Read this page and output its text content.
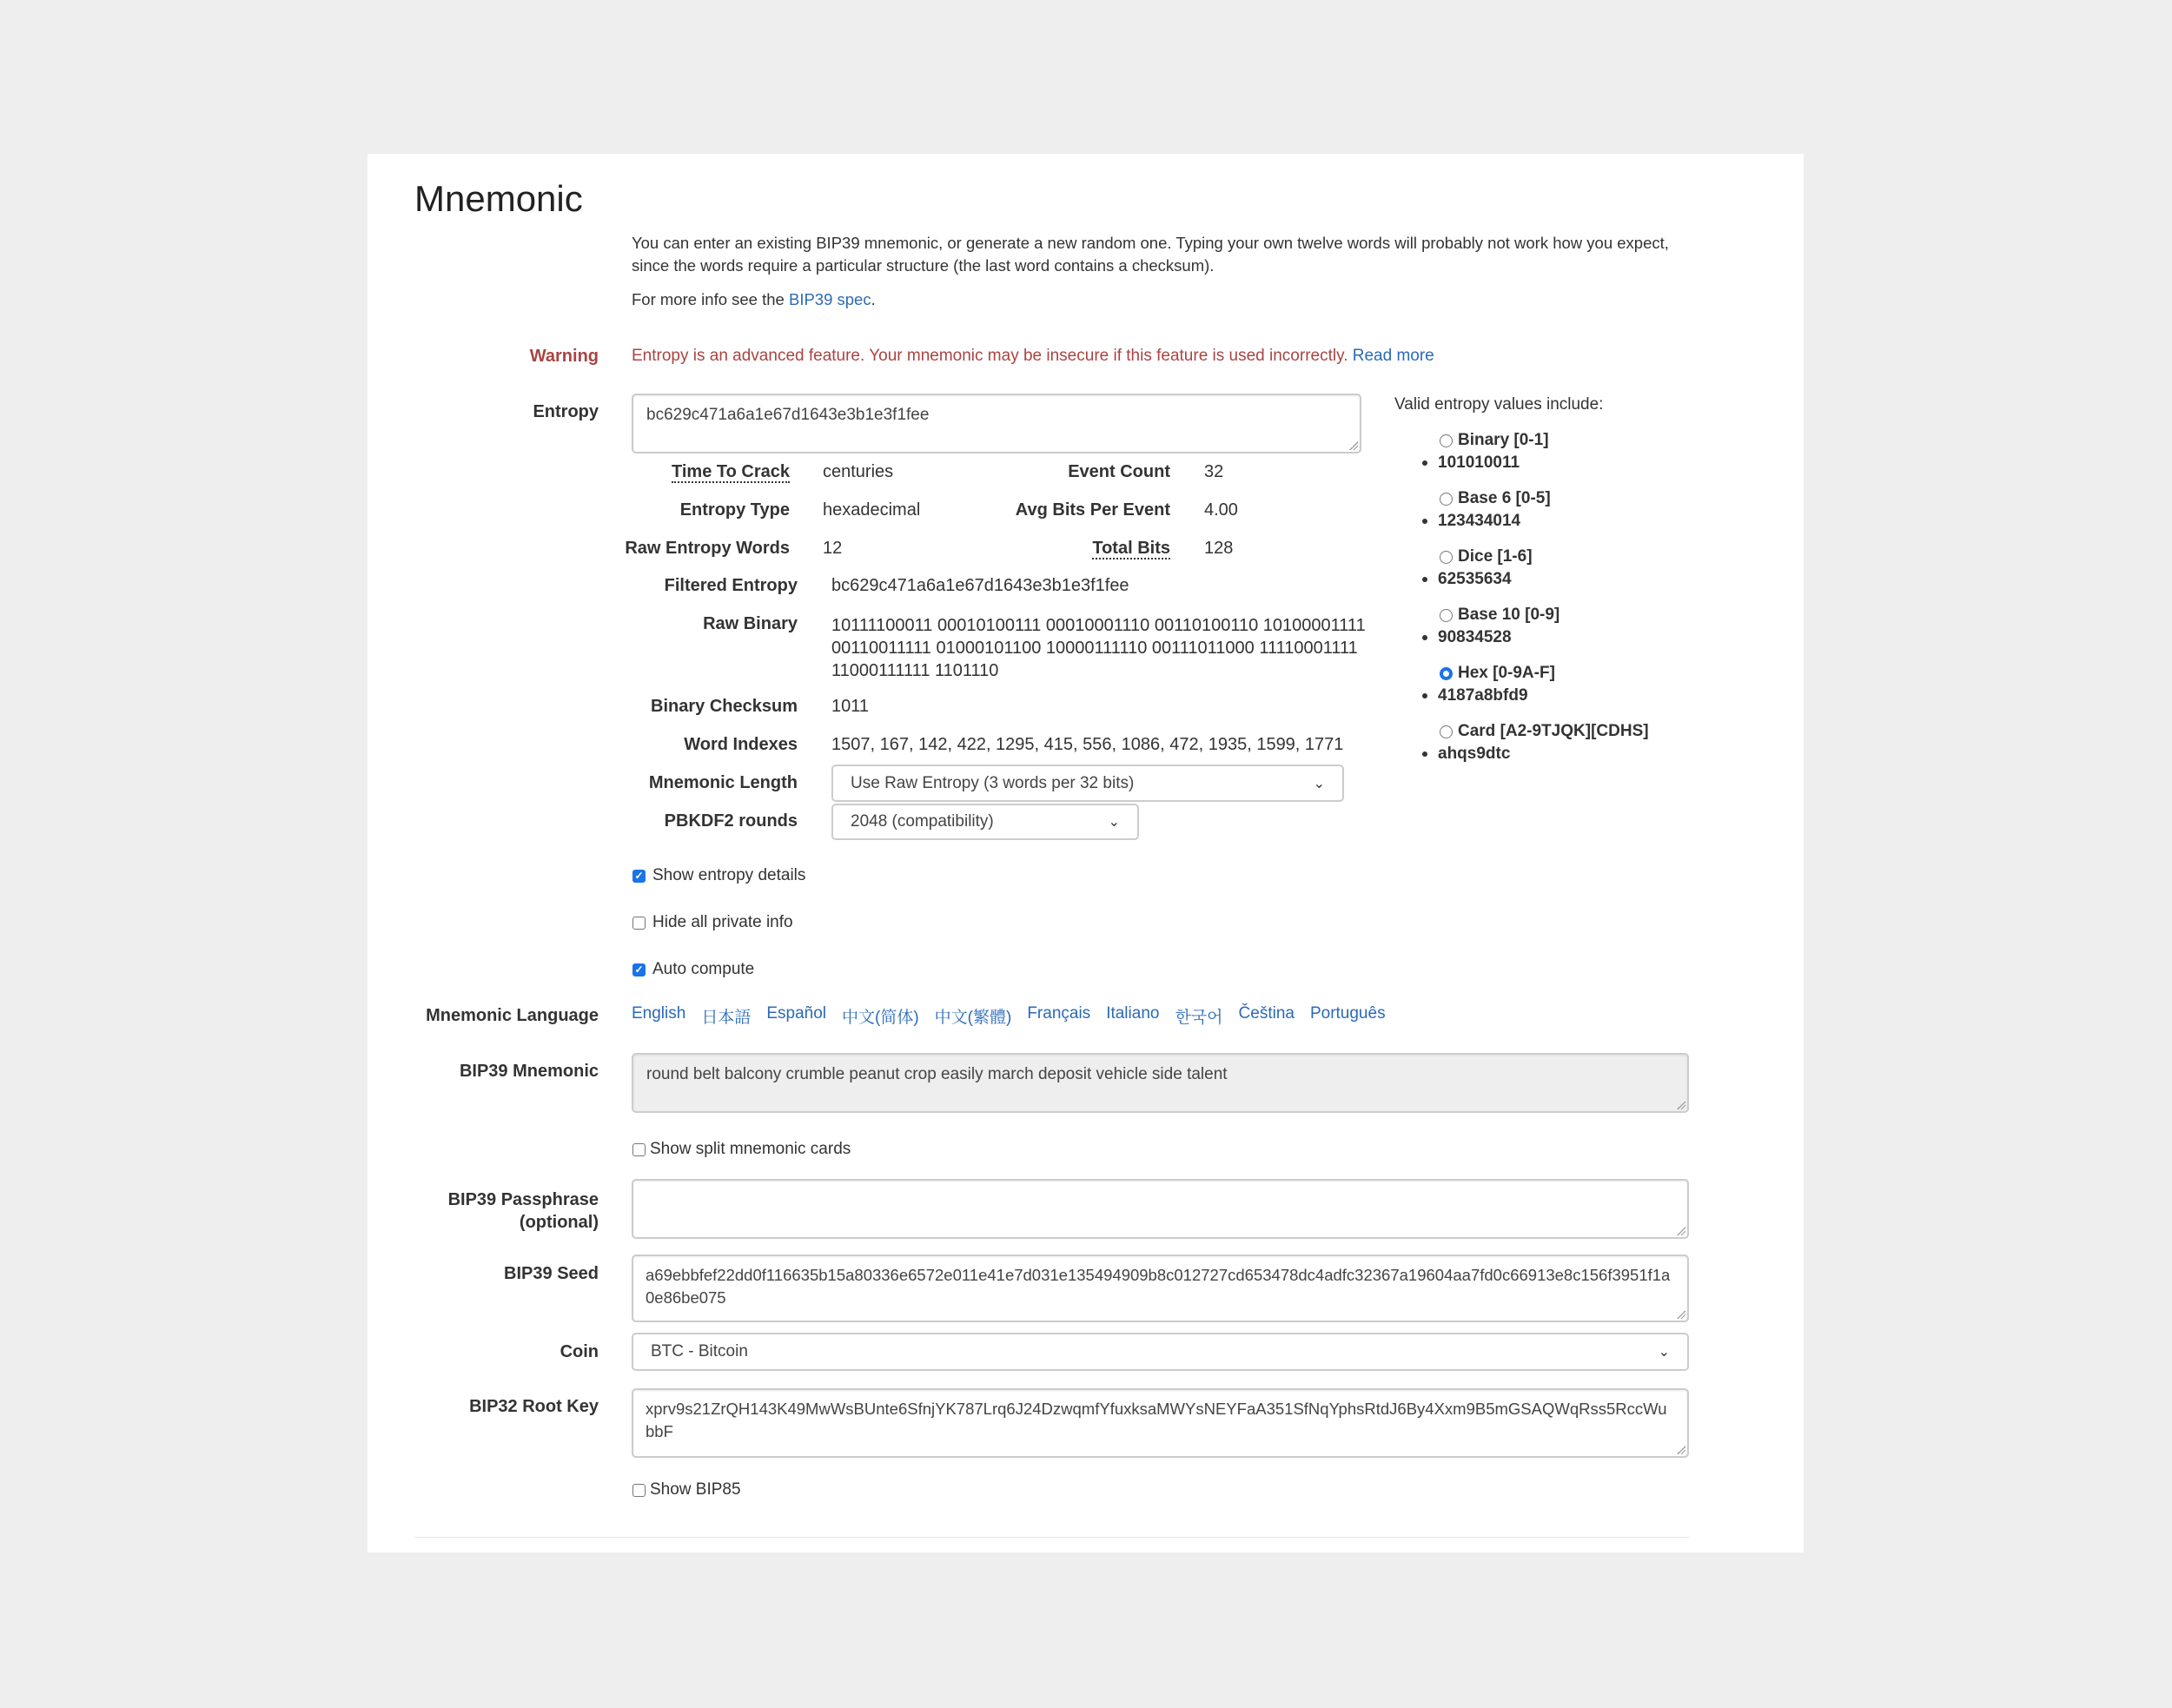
Mnemonic
You can enter an existing BIP39 mnemonic, or generate a new random one. Typing your own twelve words will probably not work how you expect,
since the words require a particular structure (the last word contains a checksum).
For more info see the BIP39 spec.
Warning Entropy is an advanced feature. Your mnemonic may be insecure if this feature is used incorrectly. Read more
Entropy	bc629c471a6a1e67d1643e3b1e3f1fee
Time To Crack centuries	Event Count 32
Entropy Type hexadecimal	Avg Bits Per Event 4.00
Raw Entropy Words 12	Total Bits 128
Filtered Entropy bc629c471a6a1e67d1643e3b1e3f1fee
Raw Binary 10111100011 00010100111 00010001110 00110100110 10100001111
00110011111 01000101100 10000111110 00111011000 11110001111
11000111111 1101110
Binary Checksum 1011
Word Indexes 1507, 167, 142, 422, 1295, 415, 556, 1086, 472, 1935, 1599, 1771
Mnemonic Length	Use Raw Entropy (3 words per 32 bits)	⌄
PBKDF2 rounds	2048 (compatibility)	⌄
Valid entropy values include:
Binary [0-1]
101010011
Base 6 [0-5]
123434014
Dice [1-6]
62535634
Base 10 [0-9]
90834528
Hex [0-9A-F]
4187a8bfd9
Card [A2-9TJQK][CDHS]
ahqs9dtc
✓ Show entropy details
Hide all private info
✓ Auto compute
Mnemonic Language English 日本語 Español 中文(简体) 中文(繁體) Français Italiano 한국어 Čeština Português
BIP39 Mnemonic	round belt balcony crumble peanut crop easily march deposit vehicle side talent
Show split mnemonic cards
BIP39 Passphrase
(optional)
BIP39 Seed	a69ebbfef22dd0f116635b15a80336e6572e011e41e7d031e135494909b8c012727cd653478dc4adfc32367a19604aa7fd0c66913e8c156f3951f1a0e86be075
Coin	BTC - Bitcoin	⌄
BIP32 Root Key	xprv9s21ZrQH143K49MwWsBUnte6SfnjYK787Lrq6J24DzwqmfYfuxksaMWYsNEYFaA351SfNqYphsRtdJ6By4Xxm9B5mGSAQWqRss5RccWubbF
Show BIP85
